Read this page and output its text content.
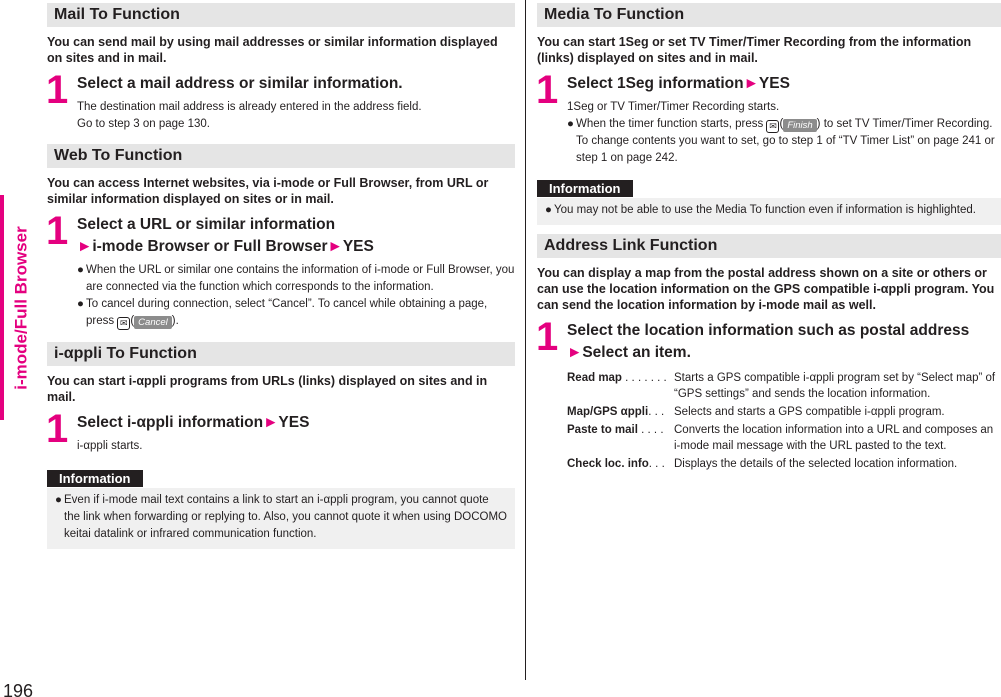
i-mode/Full Browser
196
Mail To Function
You can send mail by using mail addresses or similar information displayed on sites and in mail.
1 Select a mail address or similar information.
The destination mail address is already entered in the address field.
Go to step 3 on page 130.
Web To Function
You can access Internet websites, via i-mode or Full Browser, from URL or similar information displayed on sites or in mail.
1 Select a URL or similar information
►i-mode Browser or Full Browser►YES
● When the URL or similar one contains the information of i-mode or Full Browser, you are connected via the function which corresponds to the information.
● To cancel during connection, select “Cancel”. To cancel while obtaining a page, press ✉ ( Cancel ).
i-αppli To Function
You can start i-αppli programs from URLs (links) displayed on sites and in mail.
1 Select i-αppli information►YES
i-αppli starts.
Information
● Even if i-mode mail text contains a link to start an i-αppli program, you cannot quote the link when forwarding or replying to. Also, you cannot quote it when using DOCOMO keitai datalink or infrared communication function.
Media To Function
You can start 1Seg or set TV Timer/Timer Recording from the information (links) displayed on sites and in mail.
1 Select 1Seg information►YES
1Seg or TV Timer/Timer Recording starts.
● When the timer function starts, press ✉ ( Finish ) to set TV Timer/Timer Recording.
To change contents you want to set, go to step 1 of “TV Timer List” on page 241 or step 1 on page 242.
Information
● You may not be able to use the Media To function even if information is highlighted.
Address Link Function
You can display a map from the postal address shown on a site or others or can use the location information on the GPS compatible i-αppli program. You can send the location information by i-mode mail as well.
1 Select the location information such as postal address
►Select an item.
Read map . . . . . . . Starts a GPS compatible i-αppli program set by “Select map” of “GPS settings” and sends the location information.
Map/GPS αppli. . . Selects and starts a GPS compatible i-αppli program.
Paste to mail . . . . Converts the location information into a URL and composes an i-mode mail message with the URL pasted to the text.
Check loc. info. . . Displays the details of the selected location information.
